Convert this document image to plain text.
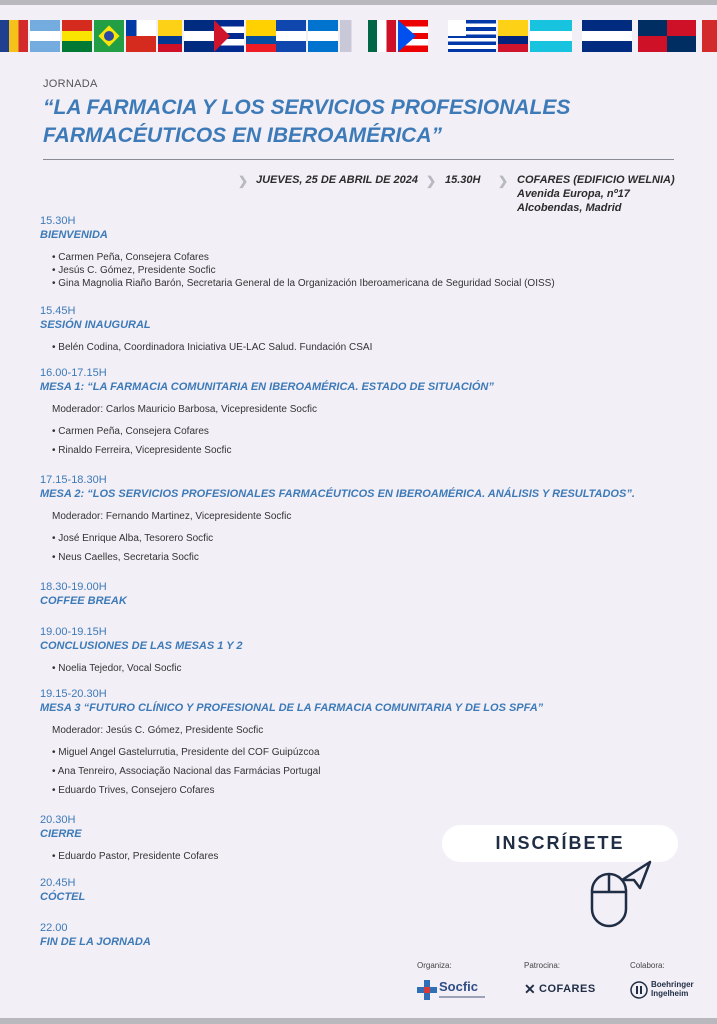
JORNADA
“LA FARMACIA Y LOS SERVICIOS PROFESIONALES FARMACÉUTICOS EN IBEROAMÉRICA”
❯ JUEVES, 25 DE ABRIL DE 2024 ❯ 15.30H ❯ COFARES (EDIFICIO WELNIA)
Avenida Europa, nº17
Alcobendas, Madrid
15.30H
BIENVENIDA
• Carmen Peña, Consejera Cofares
• Jesús C. Gómez, Presidente Socfic
• Gina Magnolia Riaño Barón, Secretaria General de la Organización Iberoamericana de Seguridad Social (OISS)
15.45H
SESIÓN INAUGURAL
• Belén Codina, Coordinadora Iniciativa UE-LAC Salud. Fundación CSAI
16.00-17.15H
MESA 1: “LA FARMACIA COMUNITARIA EN IBEROAMÉRICA. ESTADO DE SITUACIÓN”
Moderador: Carlos Mauricio Barbosa, Vicepresidente Socfic
• Carmen Peña, Consejera Cofares
• Rinaldo Ferreira, Vicepresidente Socfic
17.15-18.30H
MESA 2: “LOS SERVICIOS PROFESIONALES FARMACÉUTICOS EN IBEROAMÉRICA. ANÁLISIS Y RESULTADOS”.
Moderador: Fernando Martinez, Vicepresidente Socfic
• José Enrique Alba, Tesorero Socfic
• Neus Caelles, Secretaria Socfic
18.30-19.00H
COFFEE BREAK
19.00-19.15H
CONCLUSIONES DE LAS MESAS 1 Y 2
• Noelia Tejedor, Vocal Socfic
19.15-20.30H
MESA 3 “FUTURO CLÍNICO Y PROFESIONAL DE LA FARMACIA COMUNITARIA Y DE LOS SPFA”
Moderador: Jesús C. Gómez, Presidente Socfic
• Miguel Angel Gastelurrutia, Presidente del COF Guipúzcoa
• Ana Tenreiro, Associação Nacional das Farmácias Portugal
• Eduardo Trives, Consejero Cofares
20.30H
CIERRE
• Eduardo Pastor, Presidente Cofares
20.45H
CÓCTEL
22.00
FIN DE LA JORNADA
INSCRÍBETE
Organiza:
Socfic
Patrocina:
✕ COFARES
Colabora:
Boehringer
Ingelheim
